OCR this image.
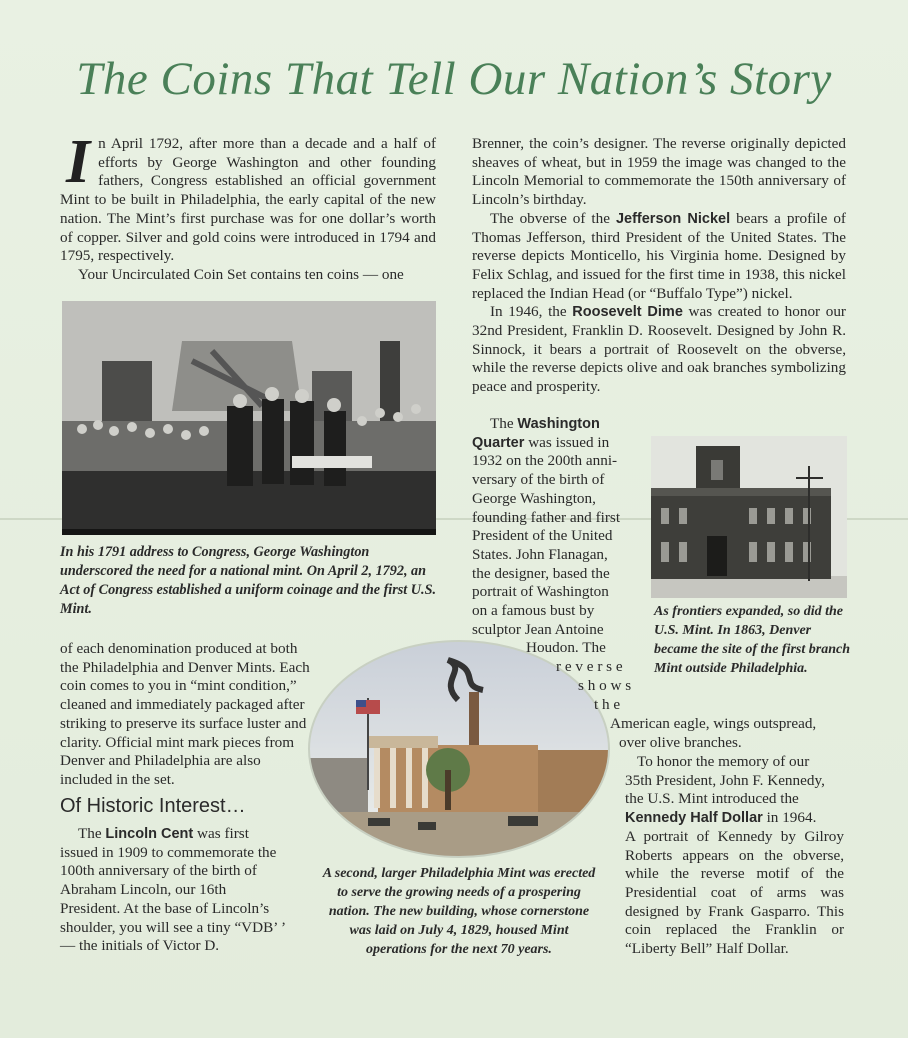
The Coins That Tell Our Nation’s Story
I n April 1792, after more than a decade and a half of efforts by George Washington and other founding fathers, Congress established an official government Mint to be built in Philadelphia, the early capital of the new nation. The Mint’s first purchase was for one dollar’s worth of copper. Silver and gold coins were introduced in 1794 and 1795, respectively.

Your Uncirculated Coin Set contains ten coins — one

In his 1791 address to Congress, George Washington underscored the need for a national mint. On April 2, 1792, an Act of Congress established a uniform coinage and the first U.S. Mint.
of each denomination produced at both the Philadelphia and Denver Mints. Each coin comes to you in “mint condition,” cleaned and immediately packaged after striking to preserve its surface luster and clarity. Official mint mark pieces from Denver and Philadelphia are also included in the set.
Of Historic Interest…
The Lincoln Cent was first issued in 1909 to commemorate the 100th anniversary of the birth of Abraham Lincoln, our 16th President. At the base of Lincoln’s shoulder, you will see a tiny “VDB’ ’ — the initials of Victor D.
A second, larger Philadelphia Mint was erected to serve the growing needs of a prospering nation. The new building, whose cornerstone was laid on July 4, 1829, housed Mint operations for the next 70 years.

Brenner, the coin’s designer. The reverse originally depicted sheaves of wheat, but in 1959 the image was changed to the Lincoln Memorial to commemorate the 150th anniversary of Lincoln’s birthday.

The obverse of the Jefferson Nickel bears a profile of Thomas Jefferson, third President of the United States. The reverse depicts Monticello, his Virginia home. Designed by Felix Schlag, and issued for the first time in 1938, this nickel replaced the Indian Head (or “Buffalo Type”) nickel.

In 1946, the Roosevelt Dime was created to honor our 32nd President, Franklin D. Roosevelt. Designed by John R. Sinnock, it bears a portrait of Roosevelt on the obverse, while the reverse depicts olive and oak branches symbolizing peace and prosperity.

The Washington
Quarter was issued in
1932 on the 200th anni-
versary of the birth of
George Washington,
founding father and first
President of the United
States. John Flanagan,
the designer, based the
portrait of Washington
on a famous bust by
sculptor Jean Antoine
Houdon. The
r e v e r s e
s h o w s
t h e
American eagle, wings outspread,
over olive branches.
As frontiers expanded, so did the U.S. Mint. In 1863, Denver became the site of the first branch Mint outside Philadelphia.
To honor the memory of our
35th President, John F. Kennedy,
the U.S. Mint introduced the
Kennedy Half Dollar in 1964.
A portrait of Kennedy by Gilroy Roberts appears on the obverse, while the reverse motif of the Presidential coat of arms was designed by Frank Gasparro. This coin replaced the Franklin or “Liberty Bell” Half Dollar.
